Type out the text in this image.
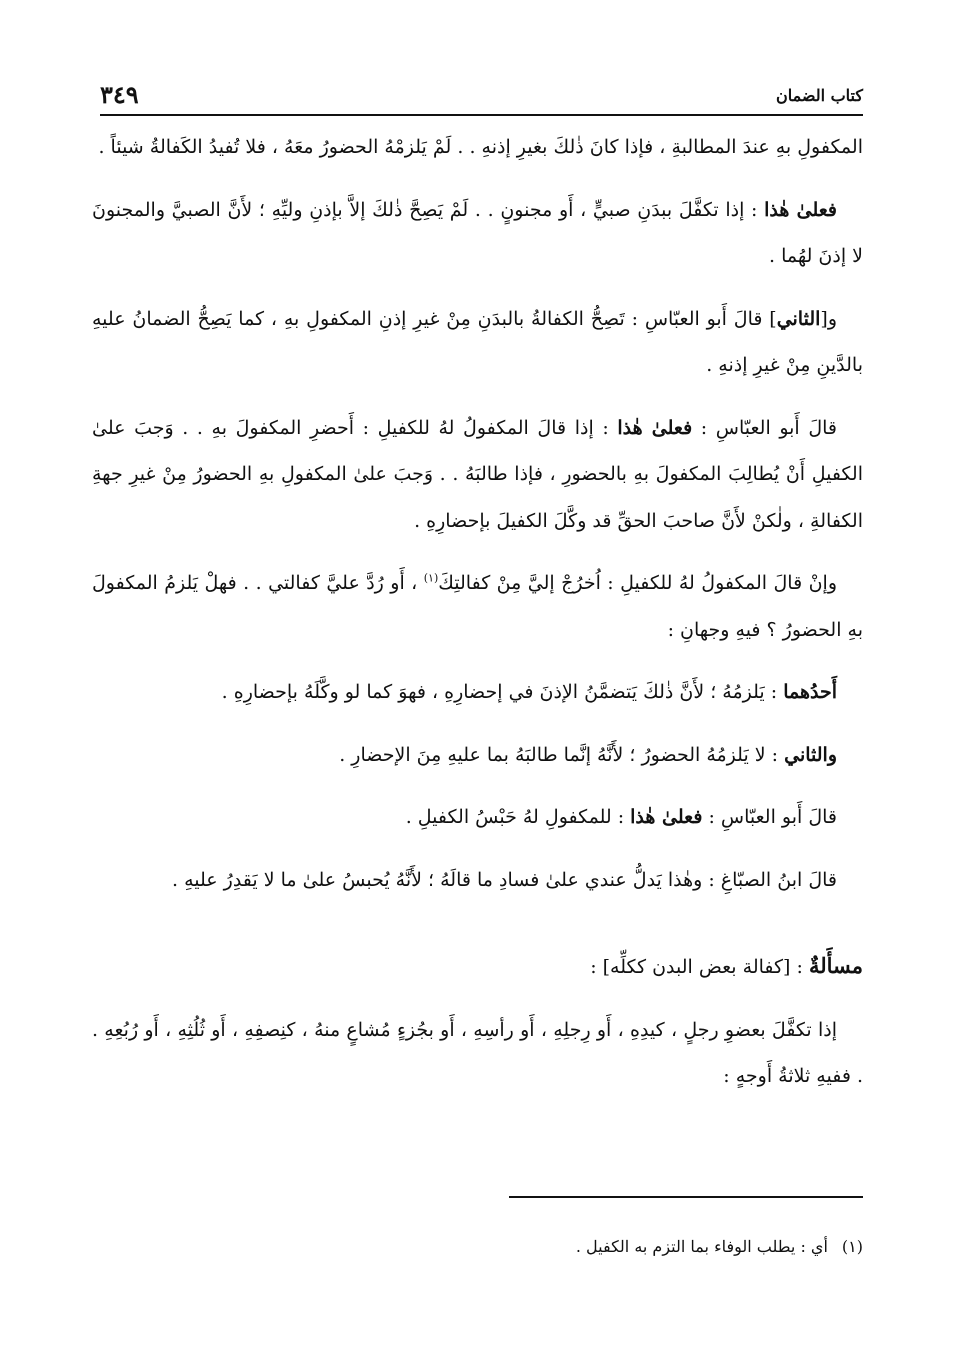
كتاب الضمان
٣٤٩

المكفولِ بهِ عندَ المطالبةِ ، فإذا كانَ ذٰلكَ بغيرِ إذنهِ . . لَمْ يَلزمْهُ الحضورُ معَهُ ، فلا تُفيدُ الكَفالةُ شيئاً .

فعلىٰ هٰذا : إذا تكفَّلَ ببدَنِ صبيٍّ ، أَو مجنونٍ . . لَمْ يَصِحَّ ذٰلكَ إلاَّ بإذنِ وليِّهِ ؛ لأَنَّ الصبيَّ والمجنونَ لا إذنَ لهُما .

و[الثاني] قالَ أَبو العبّاسِ : تَصِحُّ الكفالةُ بالبدَنِ مِنْ غيرِ إذنِ المكفولِ بهِ ، كما يَصِحُّ الضمانُ عليهِ بالدَّينِ مِنْ غيرِ إذنهِ .

قالَ أَبو العبّاسِ : فعلىٰ هٰذا : إذا قالَ المكفولُ لهُ للكفيلِ : أَحضرِ المكفولَ بهِ . . وَجبَ علىٰ الكفيلِ أَنْ يُطالِبَ المكفولَ بهِ بالحضورِ ، فإذا طالبَهُ . . وَجبَ علىٰ المكفولِ بهِ الحضورُ مِنْ غيرِ جهةِ الكفالةِ ، ولٰكنْ لأَنَّ صاحبَ الحقِّ قد وكَّلَ الكفيلَ بإحضارِهِ .

وإنْ قالَ المكفولُ لهُ للكفيلِ : اُخرُجْ إليَّ مِنْ كفالتِكَ$^{(١)}$ ، أَو رُدَّ عليَّ كفالتي . . فهلْ يَلزمُ المكفولَ بهِ الحضورُ ؟ فيهِ وجهانِ :

أَحدُهما : يَلزمُهُ ؛ لأَنَّ ذٰلكَ يَتضمَّنُ الإذنَ في إحضارِهِ ، فهوَ كما لو وكَّلَهُ بإحضارِهِ .

والثاني : لا يَلزمُهُ الحضورُ ؛ لأَنَّهُ إنَّما طالبَهُ بما عليهِ مِنَ الإحضارِ .

قالَ أَبو العبّاسِ : فعلىٰ هٰذا : للمكفولِ لهُ حَبْسُ الكفيلِ .

قالَ ابنُ الصبّاغِ : وهٰذا يَدلُّ عندي علىٰ فسادِ ما قالَهُ ؛ لأَنَّهُ يُحبسُ علىٰ ما لا يَقدِرُ عليهِ .

مسأَلةٌ : [كفالة بعض البدن ككلِّه] :

إذا تكفَّلَ بعضوِ رجلٍ ، كيدِهِ ، أَو رِجلِهِ ، أَو رأسِهِ ، أَو بجُزءٍ مُشاعٍ منهُ ، كنِصفِهِ ، أَو ثُلُثِهِ ، أَو رُبُعِهِ . . ففيهِ ثلاثةُ أَوجهٍ :

(١)أي : يطلب الوفاء بما التزم به الكفيل .
